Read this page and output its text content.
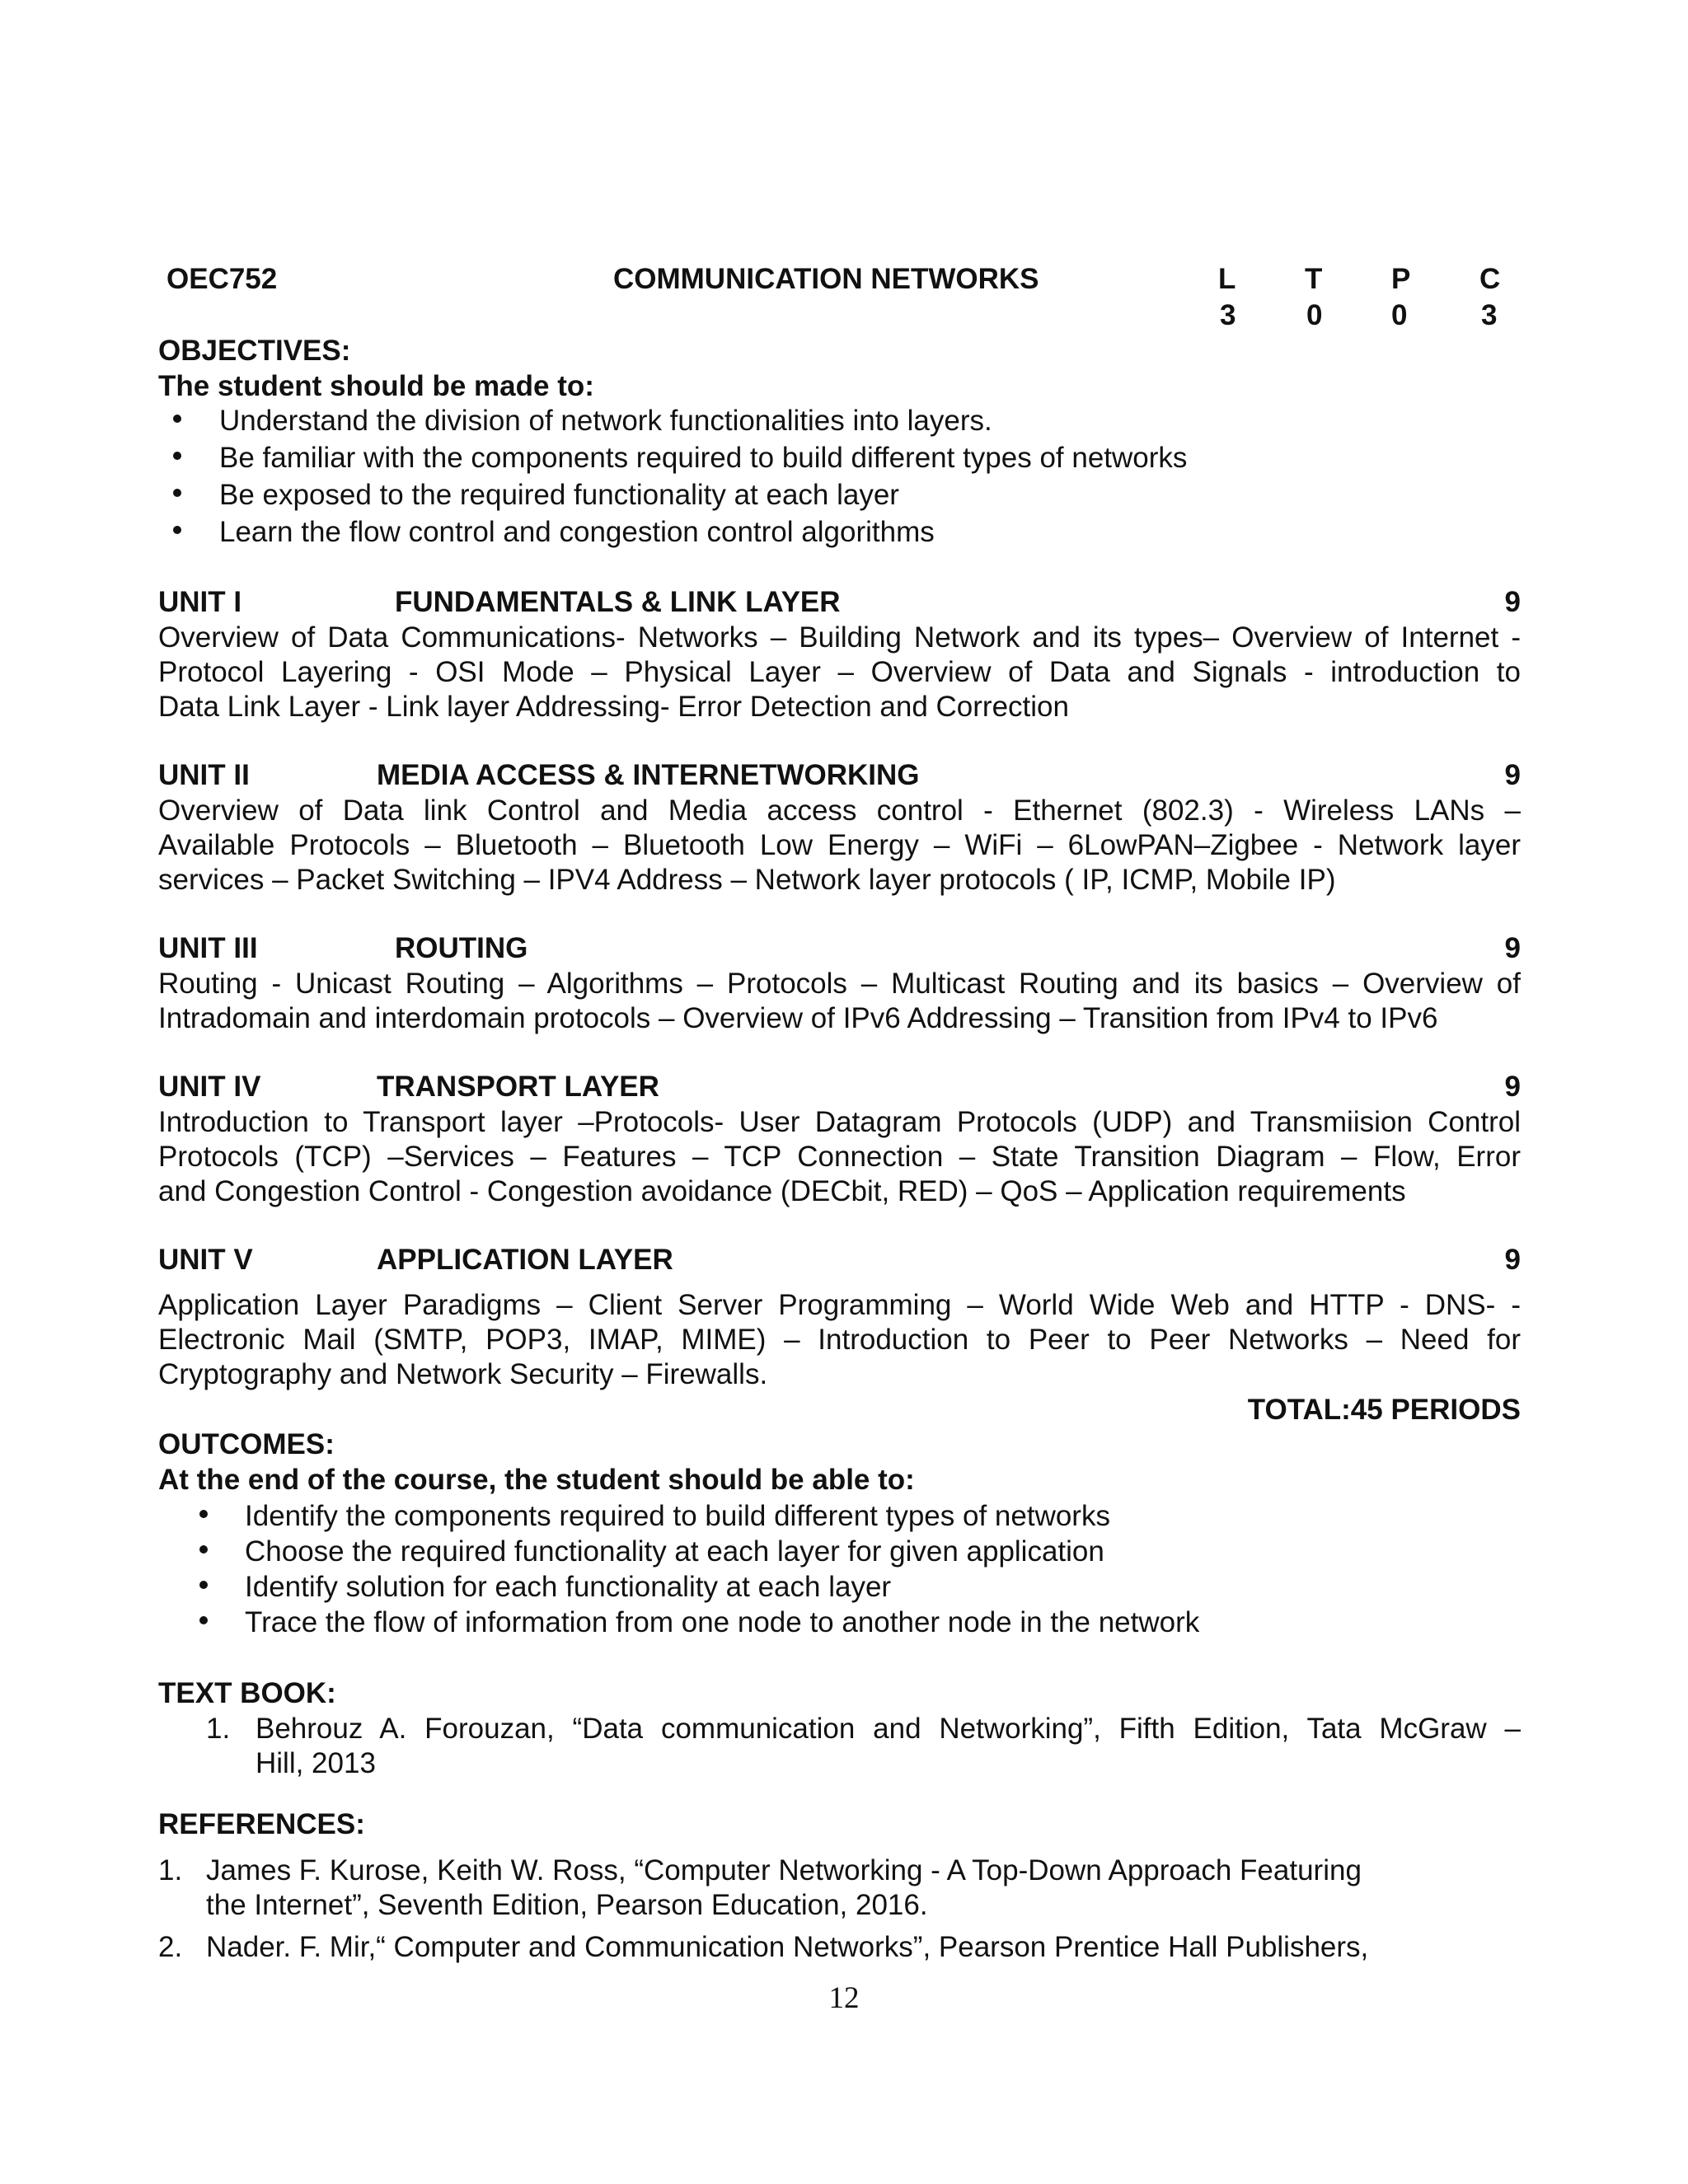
OEC752	COMMUNICATION NETWORKS	L T P C
3 0 0	3
OBJECTIVES:
The student should be made to:
Understand the division of network functionalities into layers.
Be familiar with the components required to build different types of networks
Be exposed to the required functionality at each layer
Learn the flow control and congestion control algorithms
UNIT I	FUNDAMENTALS & LINK LAYER	9
Overview of Data Communications- Networks – Building Network and its types– Overview of Internet -
Protocol Layering - OSI Mode – Physical Layer – Overview of Data and Signals - introduction to
Data Link Layer - Link layer Addressing- Error Detection and Correction
UNIT II	MEDIA ACCESS & INTERNETWORKING	9
Overview of Data link Control and Media access control - Ethernet (802.3) - Wireless LANs –
Available Protocols – Bluetooth – Bluetooth Low Energy – WiFi – 6LowPAN–Zigbee - Network layer
services – Packet Switching – IPV4 Address – Network layer protocols ( IP, ICMP, Mobile IP)
UNIT III	ROUTING	9
Routing - Unicast Routing – Algorithms – Protocols – Multicast Routing and its basics – Overview of
Intradomain and interdomain protocols – Overview of IPv6 Addressing – Transition from IPv4 to IPv6
UNIT IV	TRANSPORT LAYER	9
Introduction to Transport layer –Protocols- User Datagram Protocols (UDP) and Transmiision Control
Protocols (TCP) –Services – Features – TCP Connection – State Transition Diagram – Flow, Error
and Congestion Control - Congestion avoidance (DECbit, RED) – QoS – Application requirements
UNIT V	APPLICATION LAYER	9
Application Layer Paradigms – Client Server Programming – World Wide Web and HTTP - DNS- -
Electronic Mail (SMTP, POP3, IMAP, MIME) – Introduction to Peer to Peer Networks – Need for
Cryptography and Network Security – Firewalls.
TOTAL:45 PERIODS
OUTCOMES:
At the end of the course, the student should be able to:
Identify the components required to build different types of networks
Choose the required functionality at each layer for given application
Identify solution for each functionality at each layer
Trace the flow of information from one node to another node in the network
TEXT BOOK:
1. Behrouz A. Forouzan, “Data communication and Networking”, Fifth Edition, Tata McGraw –
Hill, 2013
REFERENCES:
1. James F. Kurose, Keith W. Ross, “Computer Networking - A Top-Down Approach Featuring
the Internet”, Seventh Edition, Pearson Education, 2016.
2. Nader. F. Mir,“ Computer and Communication Networks”, Pearson Prentice Hall Publishers,
12
